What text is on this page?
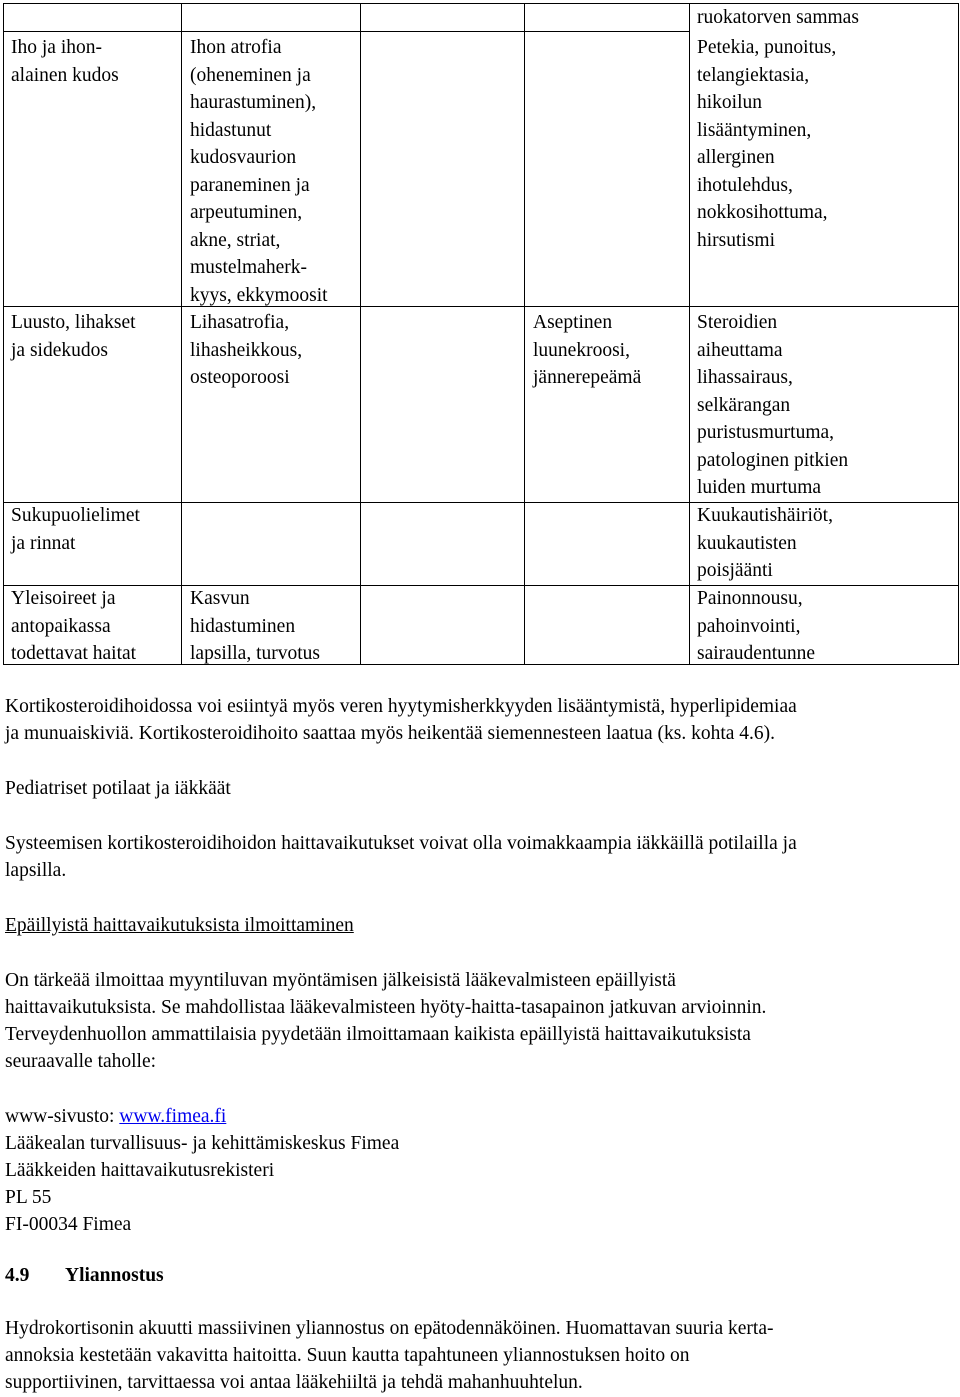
ruokatorven sammas
Iho ja ihon-
alainen kudos
Ihon atrofia
(oheneminen ja
haurastuminen),
hidastunut
kudosvaurion
paraneminen ja
arpeutuminen,
akne, striat,
mustelmaherk-
kyys, ekkymoosit
Petekia, punoitus,
telangiektasia,
hikoilun
lisääntyminen,
allerginen
ihotulehdus,
nokkosihottuma,
hirsutismi
Luusto, lihakset
ja sidekudos
Lihasatrofia,
lihasheikkous,
osteoporoosi
Aseptinen
luunekroosi,
jännerepeämä
Steroidien
aiheuttama
lihassairaus,
selkärangan
puristusmurtuma,
patologinen pitkien
luiden murtuma
Sukupuolielimet
ja rinnat
Kuukautishäiriöt,
kuukautisten
poisjäänti
Yleisoireet ja
antopaikassa
todettavat haitat
Kasvun
hidastuminen
lapsilla, turvotus
Painonnousu,
pahoinvointi,
sairaudentunne
Kortikosteroidihoidossa voi esiintyä myös veren hyytymisherkkyyden lisääntymistä, hyperlipidemiaa
ja munuaiskiviä. Kortikosteroidihoito saattaa myös heikentää siemennesteen laatua (ks. kohta 4.6).
Pediatriset potilaat ja iäkkäät
Systeemisen kortikosteroidihoidon haittavaikutukset voivat olla voimakkaampia iäkkäillä potilailla ja
lapsilla.
Epäillyistä haittavaikutuksista ilmoittaminen
On tärkeää ilmoittaa myyntiluvan myöntämisen jälkeisistä lääkevalmisteen epäillyistä
haittavaikutuksista. Se mahdollistaa lääkevalmisteen hyöty-haitta-tasapainon jatkuvan arvioinnin.
Terveydenhuollon ammattilaisia pyydetään ilmoittamaan kaikista epäillyistä haittavaikutuksista
seuraavalle taholle:
www-sivusto: www.fimea.fi
Lääkealan turvallisuus- ja kehittämiskeskus Fimea
Lääkkeiden haittavaikutusrekisteri
PL 55
FI-00034 Fimea
4.9 Yliannostus
Hydrokortisonin akuutti massiivinen yliannostus on epätodennäköinen. Huomattavan suuria kerta-
annoksia kestetään vakavitta haitoitta. Suun kautta tapahtuneen yliannostuksen hoito on
supportiivinen, tarvittaessa voi antaa lääkehiiltä ja tehdä mahanhuuhtelun.
